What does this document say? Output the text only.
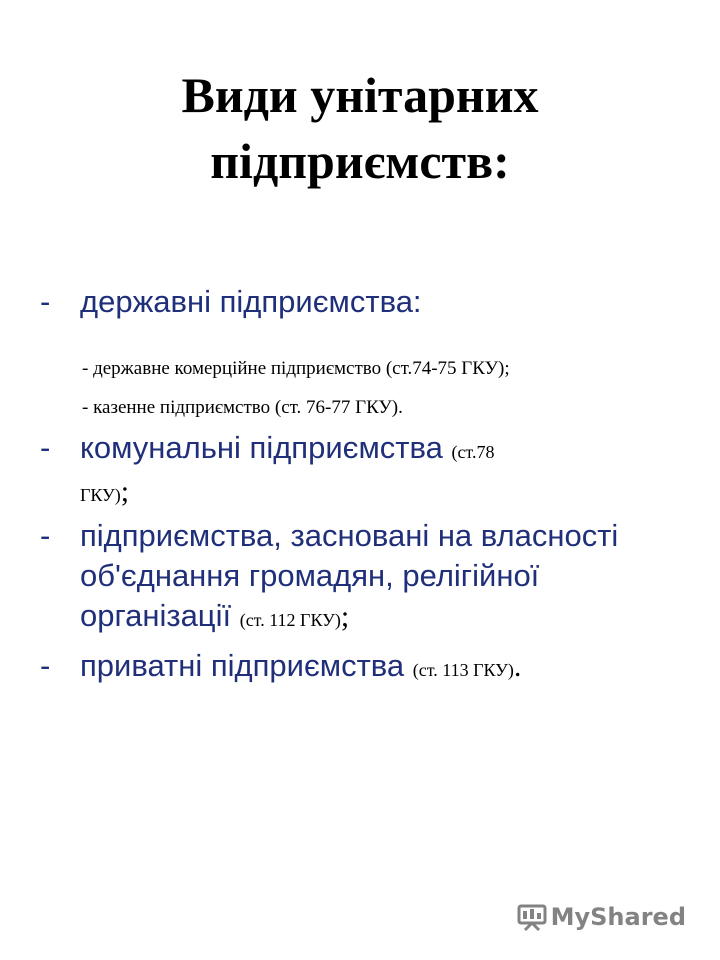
Види унітарних
підприємств:
- державні підприємства:
- державне комерційне підприємство (ст.74-75 ГКУ);
- казенне підприємство (ст. 76-77 ГКУ).
- комунальні підприємства (ст.78
ГКУ);
- підприємства, засновані на власності об'єднання громадян, релігійної організації (ст. 112 ГКУ);
- приватні підприємства (ст. 113 ГКУ).
MyShared
